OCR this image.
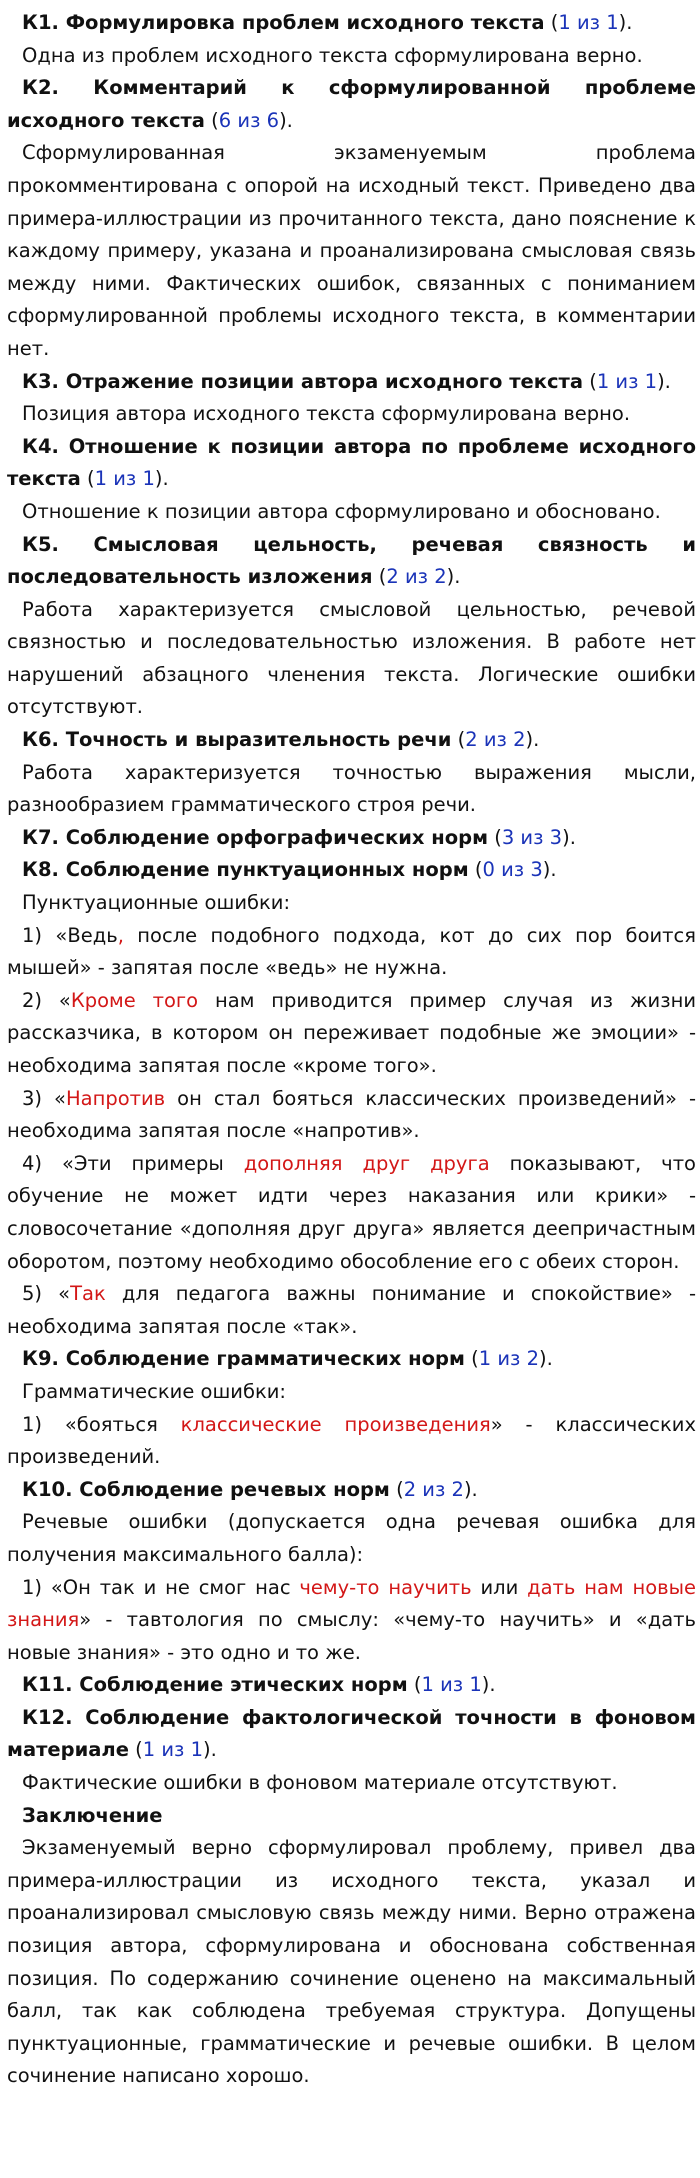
К1. Формулировка проблем исходного текста (1 из 1).

Одна из проблем исходного текста сформулирована верно.

К2. Комментарий к сформулированной проблеме исходного текста (6 из 6).

Сформулированная экзаменуемым проблема прокомментирована с опорой на исходный текст. Приведено два примера-иллюстрации из прочитанного текста, дано пояснение к каждому примеру, указана и проанализирована смысловая связь между ними. Фактических ошибок, связанных с пониманием сформулированной проблемы исходного текста, в комментарии нет.

К3. Отражение позиции автора исходного текста (1 из 1).

Позиция автора исходного текста сформулирована верно.

К4. Отношение к позиции автора по проблеме исходного текста (1 из 1).

Отношение к позиции автора сформулировано и обосновано.

К5. Смысловая цельность, речевая связность и последовательность изложения (2 из 2).

Работа характеризуется смысловой цельностью, речевой связностью и последовательностью изложения. В работе нет нарушений абзацного членения текста. Логические ошибки отсутствуют.

К6. Точность и выразительность речи (2 из 2).

Работа характеризуется точностью выражения мысли, разнообразием грамматического строя речи.

К7. Соблюдение орфографических норм (3 из 3).

К8. Соблюдение пунктуационных норм (0 из 3).

Пунктуационные ошибки:

1) «Ведь, после подобного подхода, кот до сих пор боится мышей» - запятая после «ведь» не нужна.

2) «Кроме того нам приводится пример случая из жизни рассказчика, в котором он переживает подобные же эмоции» - необходима запятая после «кроме того».

3) «Напротив он стал бояться классических произведений» - необходима запятая после «напротив».

4) «Эти примеры дополняя друг друга показывают, что обучение не может идти через наказания или крики» - словосочетание «дополняя друг друга» является деепричастным оборотом, поэтому необходимо обособление его с обеих сторон.

5) «Так для педагога важны понимание и спокойствие» - необходима запятая после «так».

К9. Соблюдение грамматических норм (1 из 2).

Грамматические ошибки:

1) «бояться классические произведения» - классических произведений.

К10. Соблюдение речевых норм (2 из 2).

Речевые ошибки (допускается одна речевая ошибка для получения максимального балла):

1) «Он так и не смог нас чему-то научить или дать нам новые знания» - тавтология по смыслу: «чему-то научить» и «дать новые знания» - это одно и то же.

К11. Соблюдение этических норм (1 из 1).

К12. Соблюдение фактологической точности в фоновом материале (1 из 1).

Фактические ошибки в фоновом материале отсутствуют.

Заключение

Экзаменуемый верно сформулировал проблему, привел два примера-иллюстрации из исходного текста, указал и проанализировал смысловую связь между ними. Верно отражена позиция автора, сформулирована и обоснована собственная позиция. По содержанию сочинение оценено на максимальный балл, так как соблюдена требуемая структура. Допущены пунктуационные, грамматические и речевые ошибки. В целом сочинение написано хорошо.
